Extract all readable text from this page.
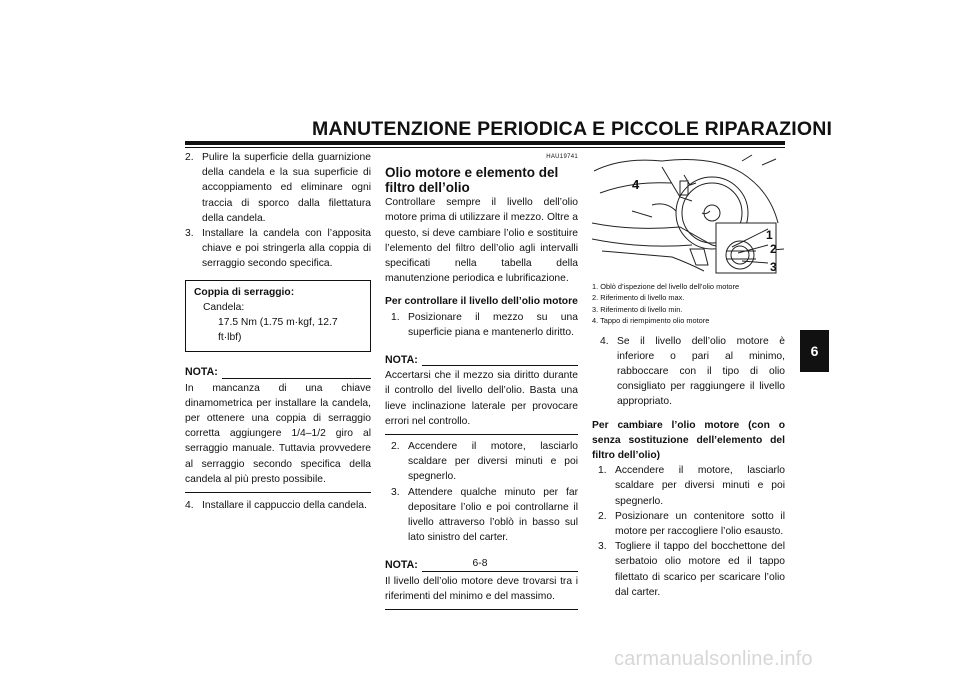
MANUTENZIONE PERIODICA E PICCOLE RIPARAZIONI
6
2. Pulire la superficie della guarnizione della candela e la sua superficie di accoppiamento ed eliminare ogni traccia di sporco dalla filettatura della candela.
3. Installare la candela con l’apposita chiave e poi stringerla alla coppia di serraggio secondo specifica.
Coppia di serraggio:
Candela:
17.5 Nm (1.75 m·kgf, 12.7 ft·lbf)
NOTA:

In mancanza di una chiave dinamometrica per installare la candela, per ottenere una coppia di serraggio corretta aggiungere 1/4–1/2 giro al serraggio manuale. Tuttavia provvedere al serraggio secondo specifica della candela al più presto possibile.

4. Installare il cappuccio della candela.
HAU19741
Olio motore e elemento del filtro dell’olio

Controllare sempre il livello dell’olio motore prima di utilizzare il mezzo. Oltre a questo, si deve cambiare l’olio e sostituire l’elemento del filtro dell’olio agli intervalli specificati nella tabella della manutenzione periodica e lubrificazione.

Per controllare il livello dell’olio motore
1. Posizionare il mezzo su una superficie piana e mantenerlo diritto.
NOTA:

Accertarsi che il mezzo sia diritto durante il controllo del livello dell’olio. Basta una lieve inclinazione laterale per provocare errori nel controllo.

2. Accendere il motore, lasciarlo scaldare per diversi minuti e poi spegnerlo.
3. Attendere qualche minuto per far depositare l’olio e poi controllarne il livello attraverso l’oblò in basso sul lato sinistro del carter.
NOTA:

Il livello dell’olio motore deve trovarsi tra i riferimenti del minimo e del massimo.

4
1
2
3
1. Oblò d’ispezione del livello dell’olio motore
2. Riferimento di livello max.
3. Riferimento di livello min.
4. Tappo di riempimento olio motore
4. Se il livello dell’olio motore è inferiore o pari al minimo, rabboccare con il tipo di olio consigliato per raggiungere il livello appropriato.
Per cambiare l’olio motore (con o senza sostituzione dell’elemento del filtro dell’olio)
1. Accendere il motore, lasciarlo scaldare per diversi minuti e poi spegnerlo.
2. Posizionare un contenitore sotto il motore per raccogliere l’olio esausto.
3. Togliere il tappo del bocchettone del serbatoio olio motore ed il tappo filettato di scarico per scaricare l’olio dal carter.
6-8
carmanualsonline.info
